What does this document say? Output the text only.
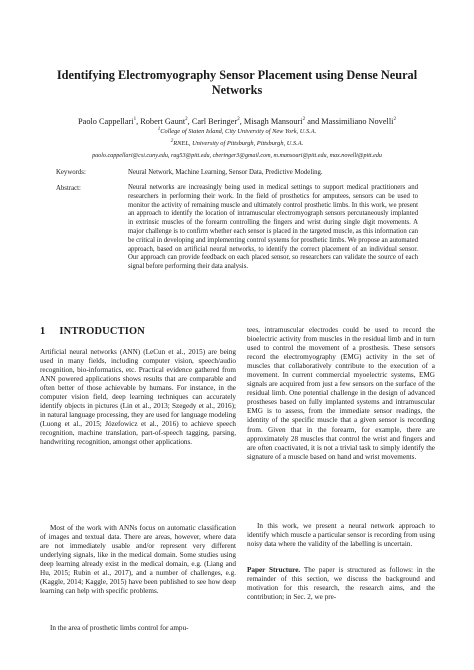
Identifying Electromyography Sensor Placement using Dense Neural Networks
Paolo Cappellari$^1$, Robert Gaunt$^2$, Carl Beringer$^2$, Misagh Mansouri$^2$ and Massimiliano Novelli$^2$
$^1$College of Staten Island, City University of New York, U.S.A.
$^2$RNEL, University of Pittsburgh, Pittsburgh, U.S.A.
paolo.cappellari@csi.cuny.edu, rag53@pitt.edu, cberinger3@gmail.com, m.mansouri@pitt.edu, max.novelli@pitt.edu
Keywords:	Neural Network, Machine Learning, Sensor Data, Predictive Modeling.
Abstract:	Neural networks are increasingly being used in medical settings to support medical practitioners and researchers in performing their work. In the field of prosthetics for amputees, sensors can be used to monitor the activity of remaining muscle and ultimately control prosthetic limbs. In this work, we present an approach to identify the location of intramuscular electromyograph sensors percutaneously implanted in extrinsic muscles of the forearm controlling the fingers and wrist during single digit movements. A major challenge is to confirm whether each sensor is placed in the targeted muscle, as this information can be critical in developing and implementing control systems for prosthetic limbs. We propose an automated approach, based on artificial neural networks, to identify the correct placement of an individual sensor. Our approach can provide feedback on each placed sensor, so researchers can validate the source of each signal before performing their data analysis.
1 INTRODUCTION
Artificial neural networks (ANN) (LeCun et al., 2015) are being used in many fields, including computer vision, speech/audio recognition, bio-informatics, etc. Practical evidence gathered from ANN powered applications shows results that are comparable and often better of those achievable by humans. For instance, in the computer vision field, deep learning techniques can accurately identify objects in pictures (Lin et al., 2013; Szegedy et al., 2016); in natural language processing, they are used for language modeling (Luong et al., 2015; Józefowicz et al., 2016) to achieve speech recognition, machine translation, part-of-speech tagging, parsing, handwriting recognition, amongst other applications.
Most of the work with ANNs focus on automatic classification of images and textual data. There are areas, however, where data are not immediately usable and/or represent very different underlying signals, like in the medical domain. Some studies using deep learning already exist in the medical domain, e.g. (Liang and Hu, 2015; Rubin et al., 2017), and a number of challenges, e.g. (Kaggle, 2014; Kaggle, 2015) have been published to see how deep learning can help with specific problems.
In the area of prosthetic limbs control for ampu-
tees, intramuscular electrodes could be used to record the bioelectric activity from muscles in the residual limb and in turn used to control the movement of a prosthesis. These sensors record the electromyography (EMG) activity in the set of muscles that collaboratively contribute to the execution of a movement. In current commercial myoelectric systems, EMG signals are acquired from just a few sensors on the surface of the residual limb. One potential challenge in the design of advanced prostheses based on fully implanted systems and intramuscular EMG is to assess, from the immediate sensor readings, the identity of the specific muscle that a given sensor is recording from. Given that in the forearm, for example, there are approximately 28 muscles that control the wrist and fingers and are often coactivated, it is not a trivial task to simply identify the signature of a muscle based on hand and wrist movements.
In this work, we present a neural network approach to identify which muscle a particular sensor is recording from using noisy data where the validity of the labelling is uncertain.
Paper Structure. The paper is structured as follows: in the remainder of this section, we discuss the background and motivation for this research, the research aims, and the contribution; in Sec. 2, we pre-
